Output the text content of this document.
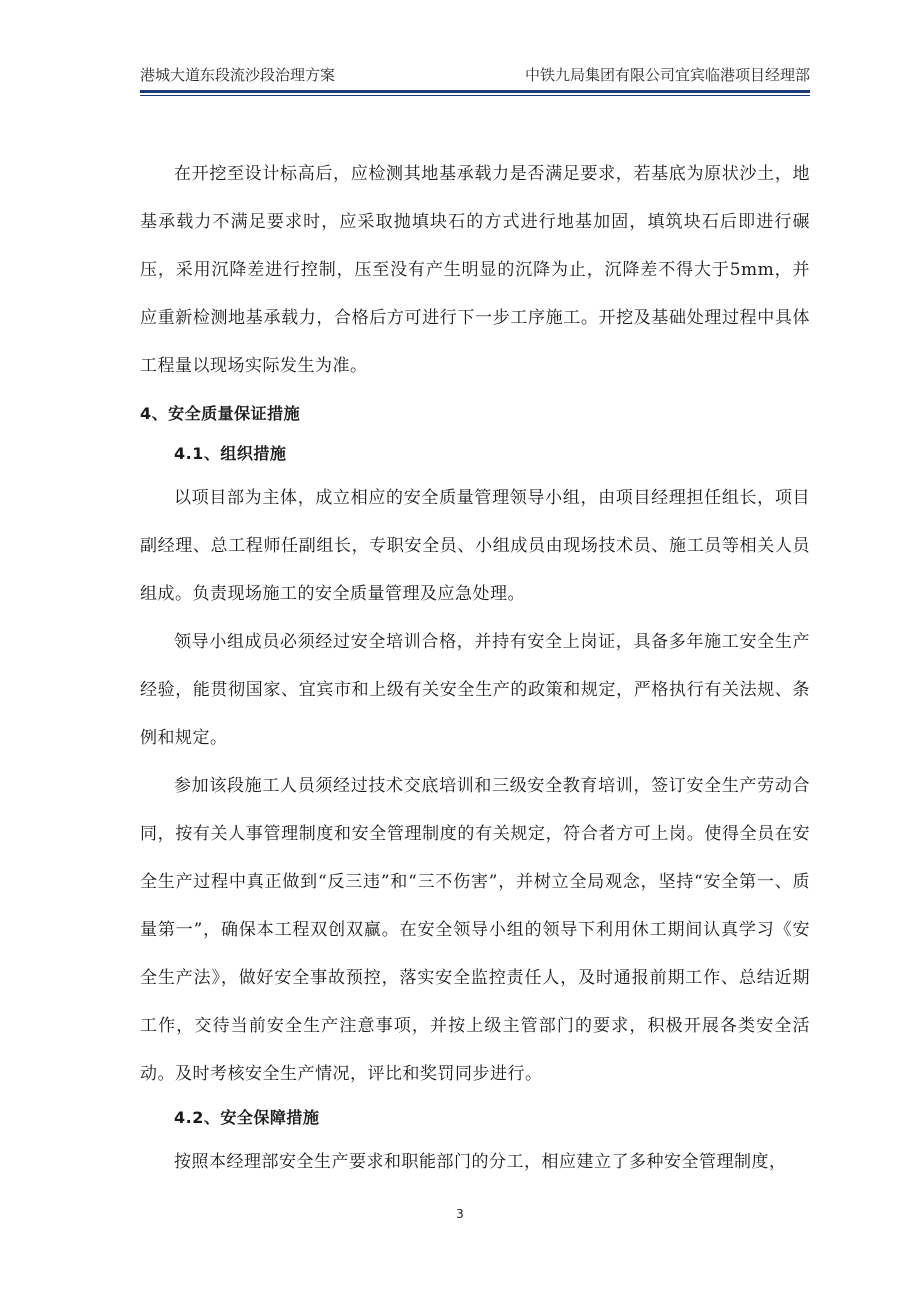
港城大道东段流沙段治理方案	中铁九局集团有限公司宜宾临港项目经理部

在开挖至设计标高后，应检测其地基承载力是否满足要求，若基底为原状沙土，地基承载力不满足要求时，应采取抛填块石的方式进行地基加固，填筑块石后即进行碾压，采用沉降差进行控制，压至没有产生明显的沉降为止，沉降差不得大于5mm，并应重新检测地基承载力，合格后方可进行下一步工序施工。开挖及基础处理过程中具体工程量以现场实际发生为准。

4、安全质量保证措施

4.1、组织措施

以项目部为主体，成立相应的安全质量管理领导小组，由项目经理担任组长，项目副经理、总工程师任副组长，专职安全员、小组成员由现场技术员、施工员等相关人员组成。负责现场施工的安全质量管理及应急处理。

领导小组成员必须经过安全培训合格，并持有安全上岗证，具备多年施工安全生产经验，能贯彻国家、宜宾市和上级有关安全生产的政策和规定，严格执行有关法规、条例和规定。

参加该段施工人员须经过技术交底培训和三级安全教育培训，签订安全生产劳动合同，按有关人事管理制度和安全管理制度的有关规定，符合者方可上岗。使得全员在安全生产过程中真正做到“反三违”和“三不伤害”，并树立全局观念，坚持“安全第一、质量第一”，确保本工程双创双赢。在安全领导小组的领导下利用休工期间认真学习《安全生产法》，做好安全事故预控，落实安全监控责任人，及时通报前期工作、总结近期工作，交待当前安全生产注意事项，并按上级主管部门的要求，积极开展各类安全活动。及时考核安全生产情况，评比和奖罚同步进行。

4.2、安全保障措施

按照本经理部安全生产要求和职能部门的分工，相应建立了多种安全管理制度，

3
